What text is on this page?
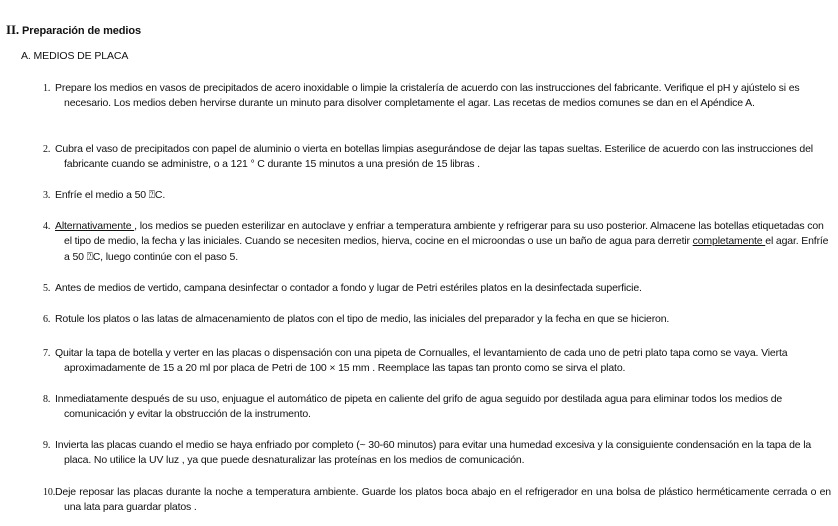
II. Preparación de medios
A. MEDIOS DE PLACA
1. Prepare los medios en vasos de precipitados de acero inoxidable o limpie la cristalería de acuerdo con las instrucciones del fabricante. Verifique el pH y ajústelo si es necesario. Los medios deben hervirse durante un minuto para disolver completamente el agar. Las recetas de medios comunes se dan en el Apéndice A.
2. Cubra el vaso de precipitados con papel de aluminio o vierta en botellas limpias asegurándose de dejar las tapas sueltas. Esterilice de acuerdo con las instrucciones del fabricante cuando se administre, o a 121 ° C durante 15 minutos a una presión de 15 libras .
3. Enfríe el medio a 50 ⍰C.
4. Alternativamente , los medios se pueden esterilizar en autoclave y enfriar a temperatura ambiente y refrigerar para su uso posterior. Almacene las botellas etiquetadas con el tipo de medio, la fecha y las iniciales. Cuando se necesiten medios, hierva, cocine en el microondas o use un baño de agua para derretir completamente el agar. Enfríe a 50 ⍰C, luego continúe con el paso 5.
5. Antes de medios de vertido, campana desinfectar o contador a fondo y lugar de Petri estériles platos en la desinfectada superficie.
6. Rotule los platos o las latas de almacenamiento de platos con el tipo de medio, las iniciales del preparador y la fecha en que se hicieron.
7. Quitar la tapa de botella y verter en las placas o dispensación con una pipeta de Cornualles, el levantamiento de cada uno de petri plato tapa como se vaya. Vierta aproximadamente de 15 a 20 ml por placa de Petri de 100 × 15 mm . Reemplace las tapas tan pronto como se sirva el plato.
8. Inmediatamente después de su uso, enjuague el automático de pipeta en caliente del grifo de agua seguido por destilada agua para eliminar todos los medios de comunicación y evitar la obstrucción de la instrumento.
9. Invierta las placas cuando el medio se haya enfriado por completo (~ 30-60 minutos) para evitar una humedad excesiva y la consiguiente condensación en la tapa de la placa. No utilice la UV luz , ya que puede desnaturalizar las proteínas en los medios de comunicación.
10.Deje reposar las placas durante la noche a temperatura ambiente. Guarde los platos boca abajo en el refrigerador en una bolsa de plástico herméticamente cerrada o en una lata para guardar platos .
